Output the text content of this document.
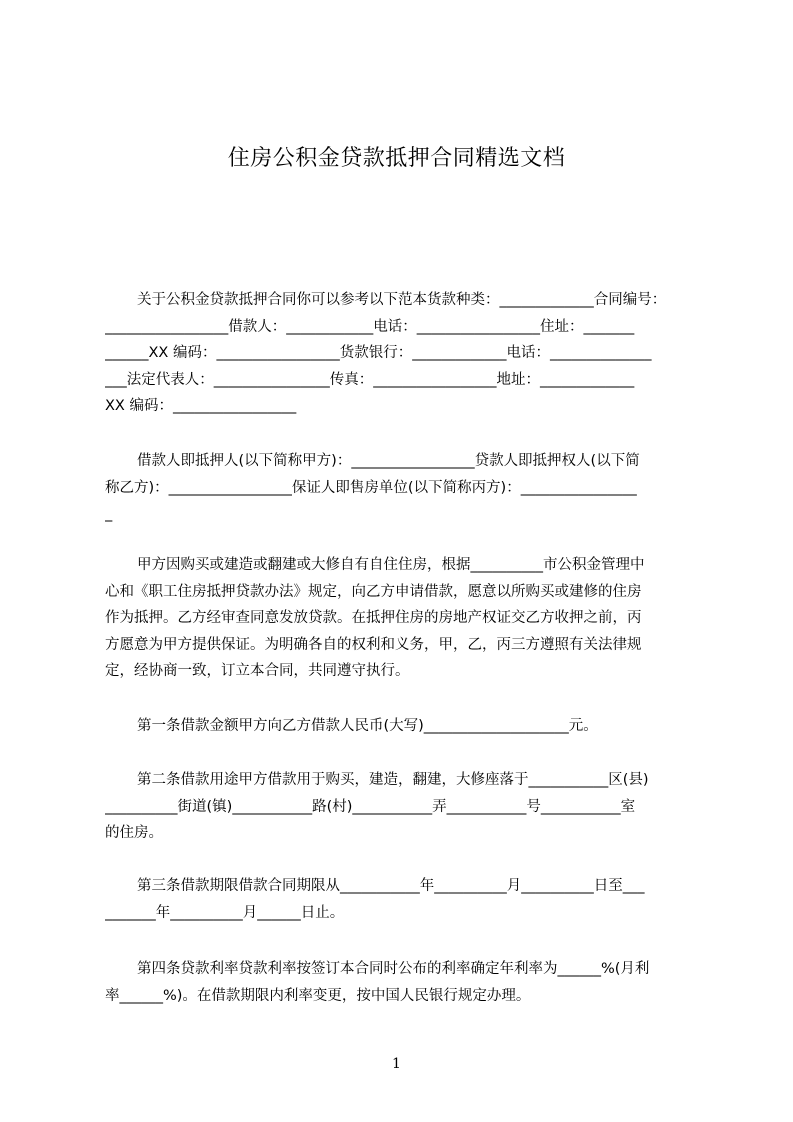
住房公积金贷款抵押合同精选文档
关于公积金贷款抵押合同你可以参考以下范本货款种类：_____________合同编号：
_________________借款人：____________电话：_________________住址：_______
______XX 编码：_________________货款银行：_____________电话：______________
___法定代表人：________________传真：_________________地址：_____________
XX 编码：_________________
借款人即抵押人(以下简称甲方)：_________________贷款人即抵押权人(以下简
称乙方)：_________________保证人即售房单位(以下简称丙方)：________________
_
甲方因购买或建造或翻建或大修自有自住住房，根据__________市公积金管理中
心和《职工住房抵押贷款办法》规定，向乙方申请借款，愿意以所购买或建修的住房
作为抵押。乙方经审查同意发放贷款。在抵押住房的房地产权证交乙方收押之前，丙
方愿意为甲方提供保证。为明确各自的权利和义务，甲，乙，丙三方遵照有关法律规
定，经协商一致，订立本合同，共同遵守执行。
第一条借款金额甲方向乙方借款人民币(大写)____________________元。
第二条借款用途甲方借款用于购买，建造，翻建，大修座落于___________区(县)
__________街道(镇)___________路(村)___________弄___________号___________室
的住房。
第三条借款期限借款合同期限从___________年__________月__________日至___
_______年__________月______日止。
第四条贷款利率贷款利率按签订本合同时公布的利率确定年利率为______%(月利
率______%)。在借款期限内利率变更，按中国人民银行规定办理。
1
